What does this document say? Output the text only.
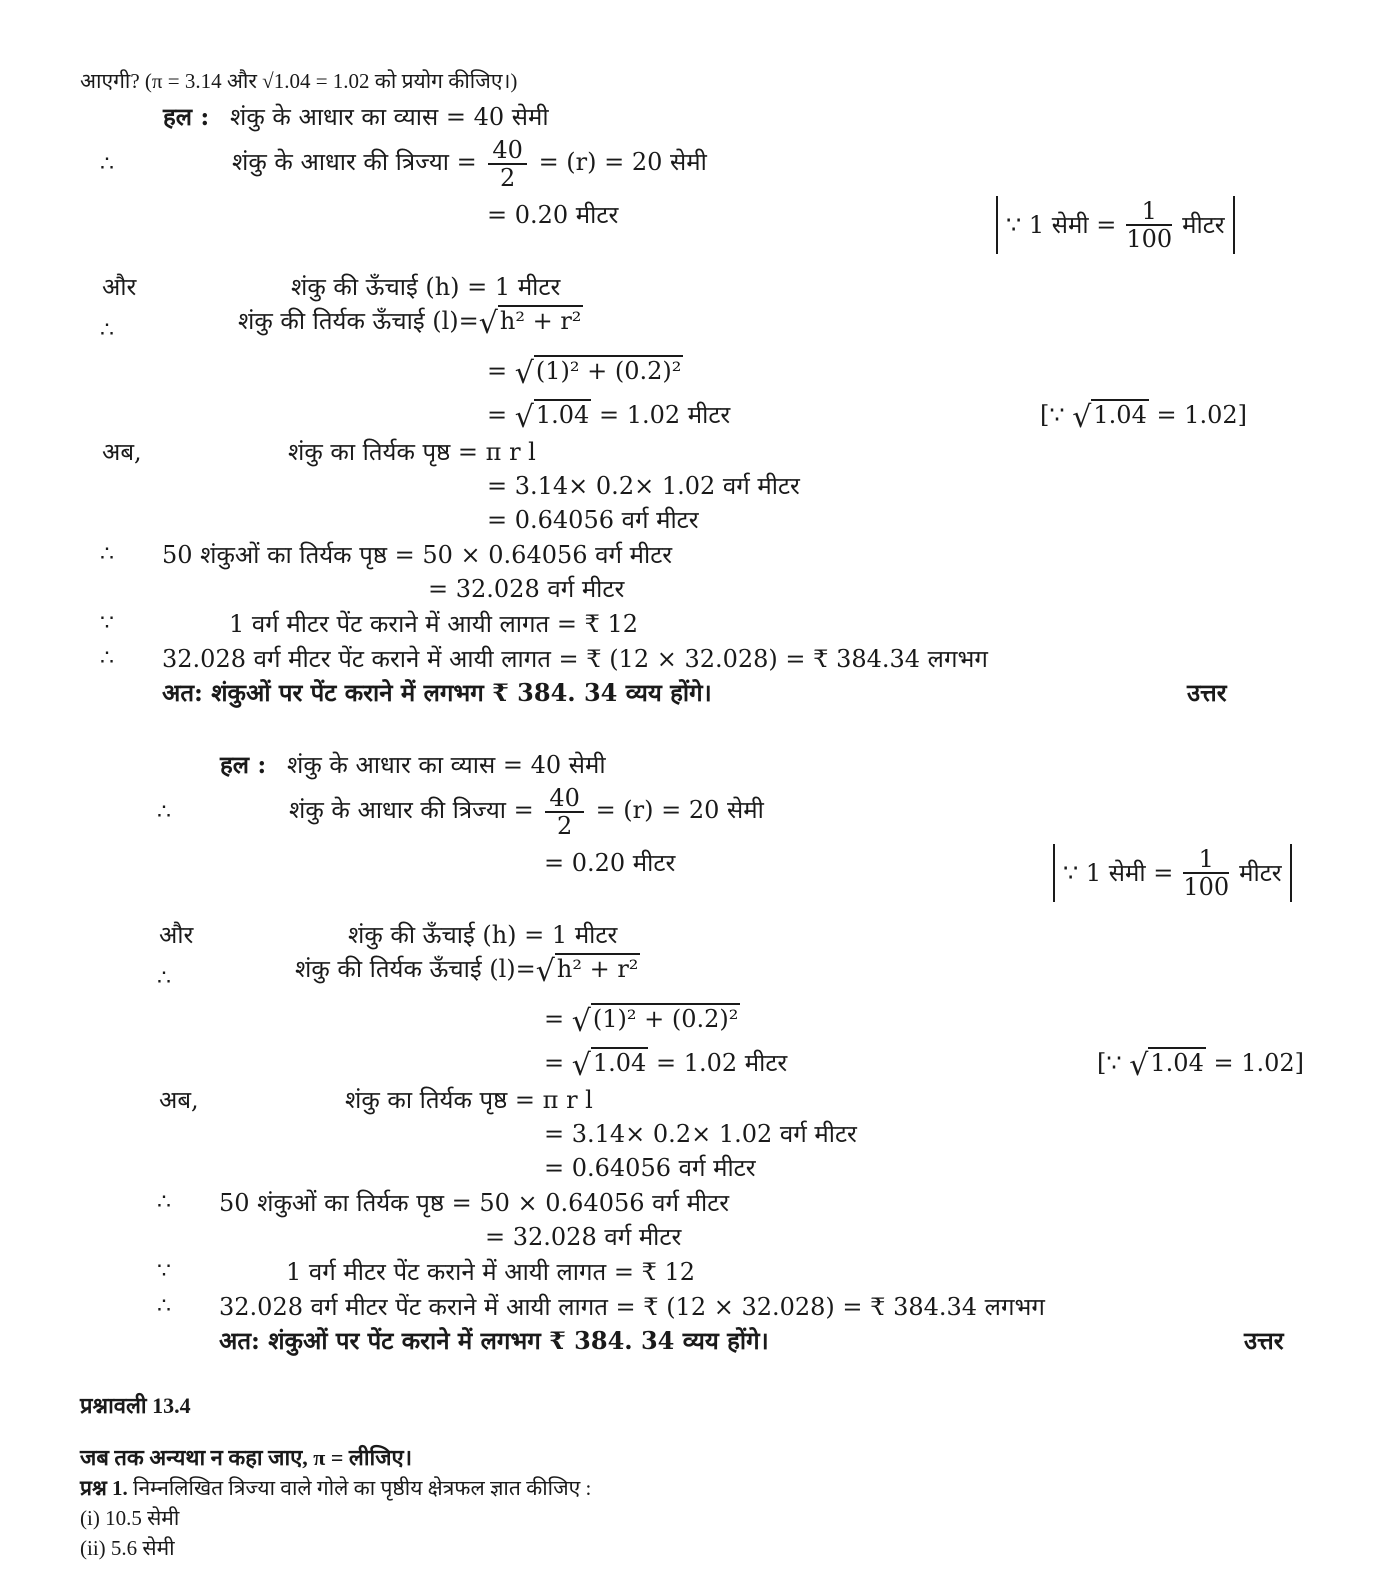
आएगी? (π = 3.14 और √1.04 = 1.02 को प्रयोग कीजिए।)
हल : शंकु के आधार का व्यास = 40 सेमी
∴	शंकु के आधार की त्रिज्या = $\frac{40}{2} = (r) = 20$ सेमी
= 0.20 मीटर	∵ 1 सेमी = $\frac{1}{100}$ मीटर
और	शंकु की ऊँचाई (h) = 1 मीटर
∴	शंकु की तिर्यक ऊँचाई (l)=√h² + r²
= √(1)² + (0.2)²
= √1.04 = 1.02 मीटर	[∵ √1.04 = 1.02]
अब,	शंकु का तिर्यक पृष्ठ = π r l
= 3.14× 0.2× 1.02 वर्ग मीटर
= 0.64056 वर्ग मीटर
∴ 50 शंकुओं का तिर्यक पृष्ठ = 50 × 0.64056 वर्ग मीटर
= 32.028 वर्ग मीटर
∵	1 वर्ग मीटर पेंट कराने में आयी लागत = ₹ 12
∴ 32.028 वर्ग मीटर पेंट कराने में आयी लागत = ₹ (12 × 32.028) = ₹ 384.34 लगभग
अत: शंकुओं पर पेंट कराने में लगभग ₹ 384. 34 व्यय होंगे।	उत्तर
हल : शंकु के आधार का व्यास = 40 सेमी
∴	शंकु के आधार की त्रिज्या = $\frac{40}{2} = (r) = 20$ सेमी
= 0.20 मीटर	∵ 1 सेमी = $\frac{1}{100}$ मीटर
और	शंकु की ऊँचाई (h) = 1 मीटर
∴	शंकु की तिर्यक ऊँचाई (l)=√h² + r²
= √(1)² + (0.2)²
= √1.04 = 1.02 मीटर	[∵ √1.04 = 1.02]
अब,	शंकु का तिर्यक पृष्ठ = π r l
= 3.14× 0.2× 1.02 वर्ग मीटर
= 0.64056 वर्ग मीटर
∴ 50 शंकुओं का तिर्यक पृष्ठ = 50 × 0.64056 वर्ग मीटर
= 32.028 वर्ग मीटर
∵	1 वर्ग मीटर पेंट कराने में आयी लागत = ₹ 12
∴ 32.028 वर्ग मीटर पेंट कराने में आयी लागत = ₹ (12 × 32.028) = ₹ 384.34 लगभग
अत: शंकुओं पर पेंट कराने में लगभग ₹ 384. 34 व्यय होंगे।	उत्तर
प्रश्नावली 13.4
जब तक अन्यथा न कहा जाए, π = लीजिए।
प्रश्न 1. निम्नलिखित त्रिज्या वाले गोले का पृष्ठीय क्षेत्रफल ज्ञात कीजिए :
(i) 10.5 सेमी
(ii) 5.6 सेमी
